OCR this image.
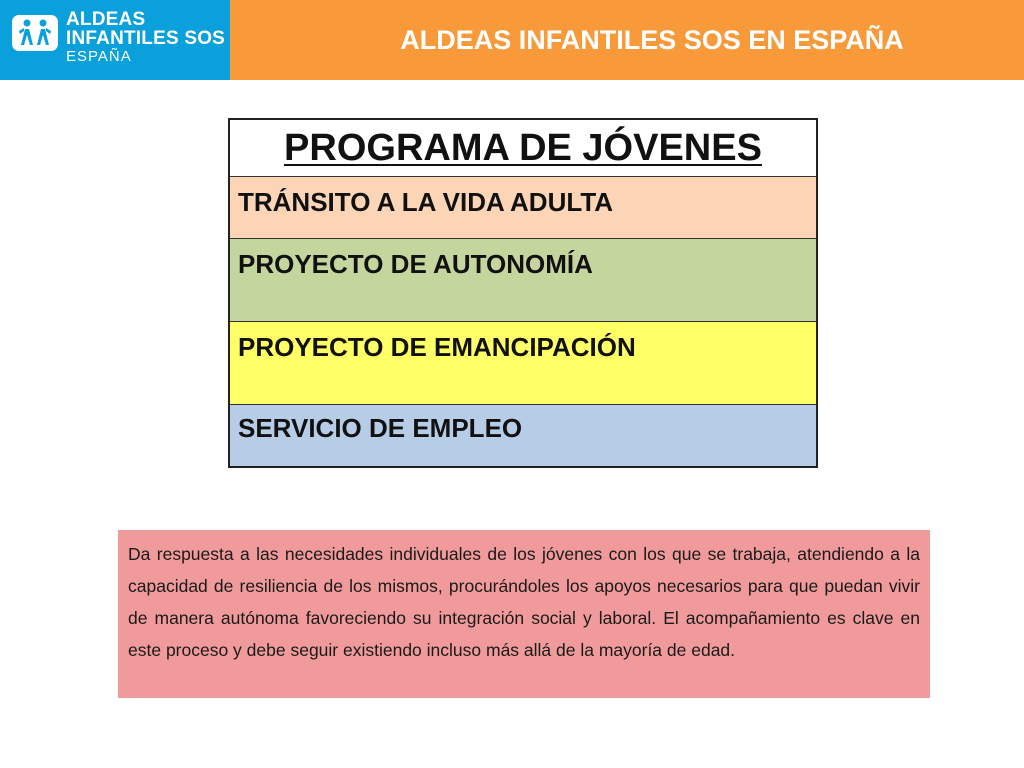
ALDEAS
INFANTILES SOS
ESPAÑA
ALDEAS INFANTILES SOS EN ESPAÑA
PROGRAMA DE JÓVENES
TRÁNSITO A LA VIDA ADULTA
PROYECTO DE AUTONOMÍA
PROYECTO DE EMANCIPACIÓN
SERVICIO DE EMPLEO

Da respuesta a las necesidades individuales de los jóvenes con los que se trabaja, atendiendo a la capacidad de resiliencia de los mismos, procurándoles los apoyos necesarios para que puedan vivir de manera autónoma favoreciendo su integración social y laboral. El acompañamiento es clave en este proceso y debe seguir existiendo incluso más allá de la mayoría de edad.
